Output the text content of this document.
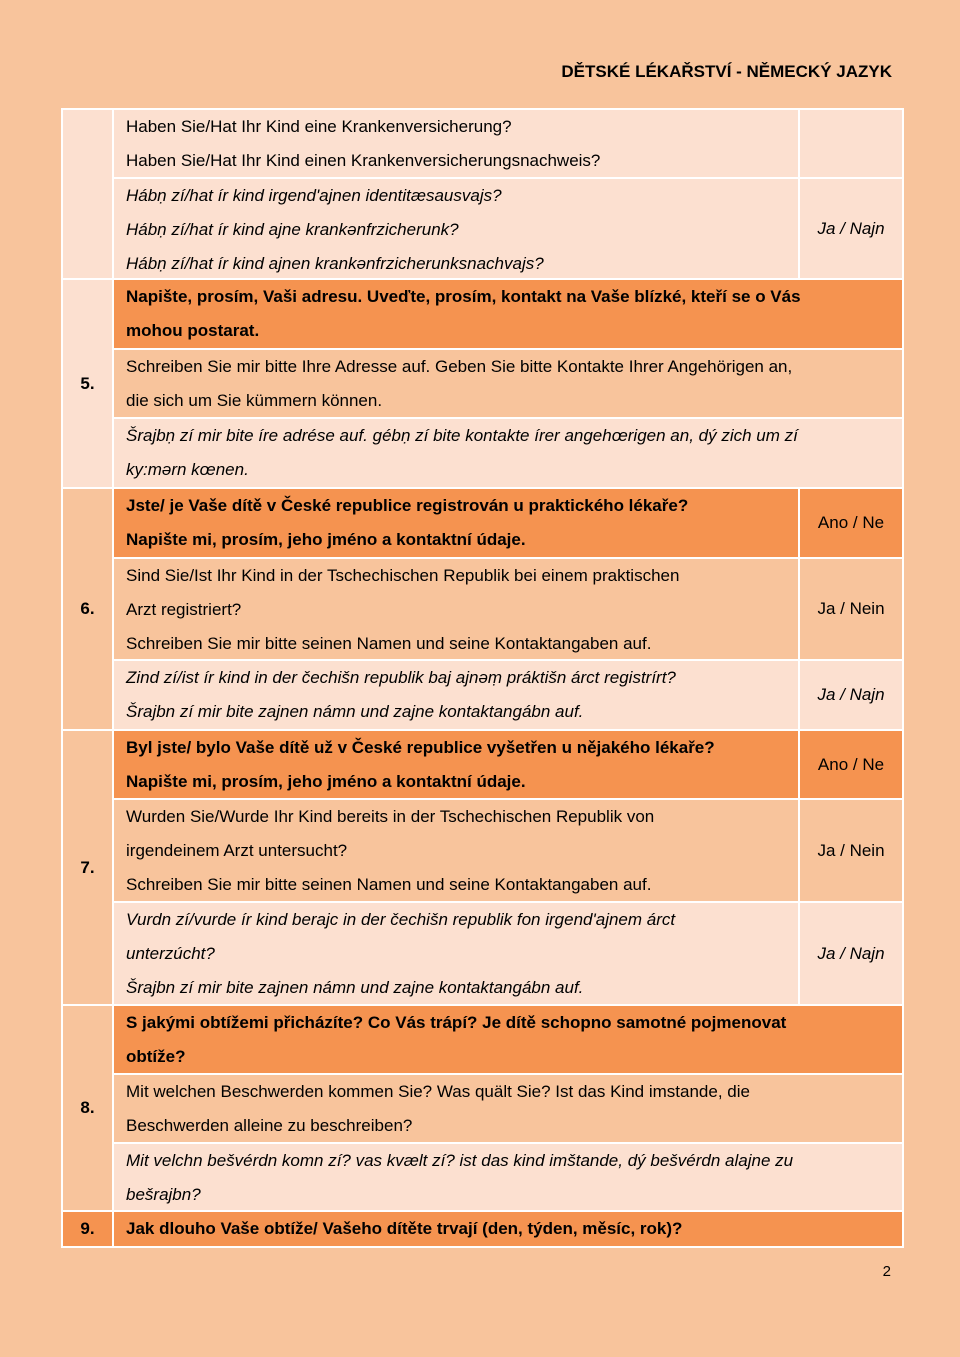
DĚTSKÉ LÉKAŘSTVÍ - NĚMECKÝ JAZYK
Haben Sie/Hat Ihr Kind eine Krankenversicherung?
Haben Sie/Hat Ihr Kind einen Krankenversicherungsnachweis?
Hábṇ zí/hat ír kind irgend'ajnen identitæsausvajs?
Hábṇ zí/hat ír kind ajne krankənfrzicherunk?
Hábṇ zí/hat ír kind ajnen krankənfrzicherunksnachvajs?
Ja / Najn
5.
Napište, prosím, Vaši adresu. Uveďte, prosím, kontakt na Vaše blízké, kteří se o Vás
mohou postarat.
Schreiben Sie mir bitte Ihre Adresse auf. Geben Sie bitte Kontakte Ihrer Angehörigen an,
die sich um Sie kümmern können.
Šrajbṇ zí mir bite íre adrése auf. gébṇ zí bite kontakte írer angehœrigen an, dý zich um zí
ky:mərn kœnen.
6.
Jste/ je Vaše dítě v České republice registrován u praktického lékaře?
Napište mi, prosím, jeho jméno a kontaktní údaje.
Ano / Ne
Sind Sie/Ist Ihr Kind in der Tschechischen Republik bei einem praktischen
Arzt registriert?
Schreiben Sie mir bitte seinen Namen und seine Kontaktangaben auf.
Ja / Nein
Zind zí/ist ír kind in der čechišn republik baj ajnəṃ práktišn árct registrírt?
Šrajbn zí mir bite zajnen námn und zajne kontaktangábn auf.
Ja / Najn
7.
Byl jste/ bylo Vaše dítě už v České republice vyšetřen u nějakého lékaře?
Napište mi, prosím, jeho jméno a kontaktní údaje.
Ano / Ne
Wurden Sie/Wurde Ihr Kind bereits in der Tschechischen Republik von
irgendeinem Arzt untersucht?
Schreiben Sie mir bitte seinen Namen und seine Kontaktangaben auf.
Ja / Nein
Vurdn zí/vurde ír kind berajc in der čechišn republik fon irgend'ajnem árct
unterzúcht?
Šrajbn zí mir bite zajnen námn und zajne kontaktangábn auf.
Ja / Najn
8.
S jakými obtížemi přicházíte? Co Vás trápí? Je dítě schopno samotné pojmenovat
obtíže?
Mit welchen Beschwerden kommen Sie? Was quält Sie? Ist das Kind imstande, die
Beschwerden alleine zu beschreiben?
Mit velchn bešvérdn komn zí? vas kvælt zí? ist das kind imštande, dý bešvérdn alajne zu
bešrajbn?
9.	Jak dlouho Vaše obtíže/ Vašeho dítěte trvají (den, týden, měsíc, rok)?
2
